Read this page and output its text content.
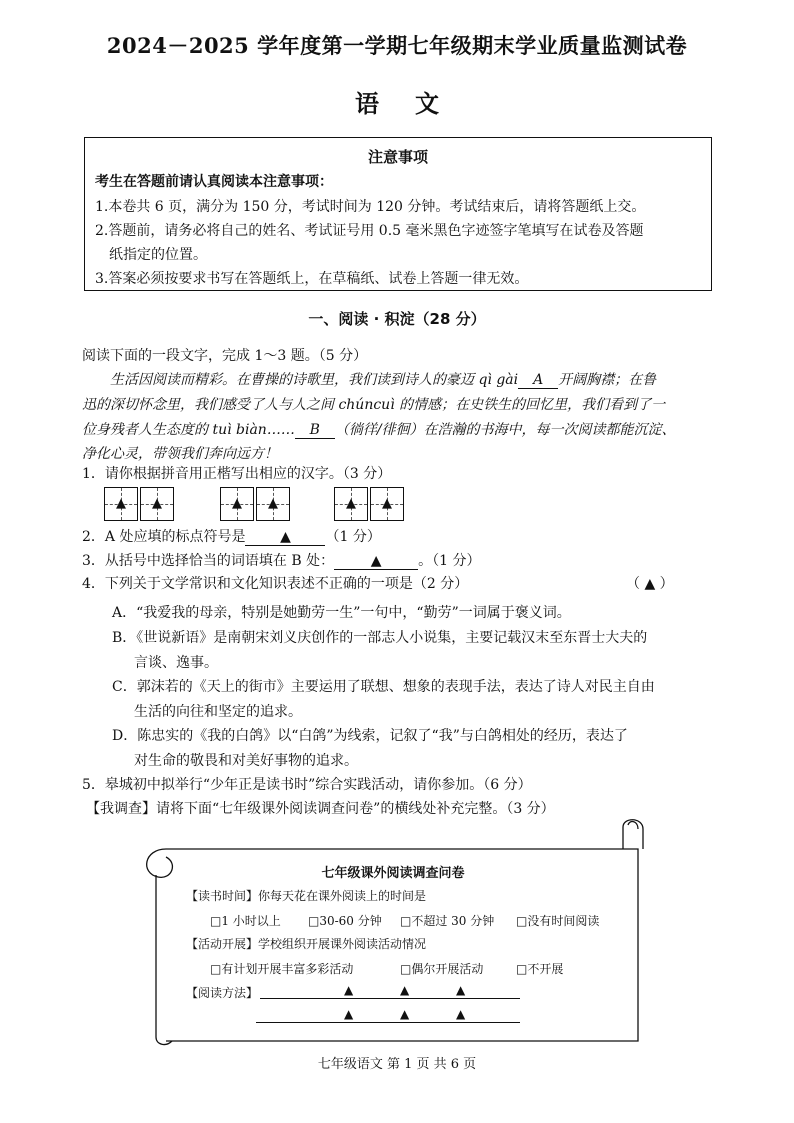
2024－2025 学年度第一学期七年级期末学业质量监测试卷
语文
注意事项
考生在答题前请认真阅读本注意事项：
1.本卷共 6 页，满分为 150 分，考试时间为 120 分钟。考试结束后，请将答题纸上交。
2.答题前，请务必将自己的姓名、考试证号用 0.5 毫米黑色字迹签字笔填写在试卷及答题
纸指定的位置。
3.答案必须按要求书写在答题纸上，在草稿纸、试卷上答题一律无效。
一、阅读 · 积淀（28 分）
阅读下面的一段文字，完成 1～3 题。（5 分）
生活因阅读而精彩。在曹操的诗歌里，我们读到诗人的豪迈 qì gài A 开阔胸襟；在鲁
迅的深切怀念里，我们感受了人与人之间 chúncuì 的情感；在史铁生的回忆里，我们看到了一
位身残者人生态度的 tuì biàn…… B （徜徉/徘徊）在浩瀚的书海中，每一次阅读都能沉淀、
净化心灵，带领我们奔向远方！
1．请你根据拼音用正楷写出相应的汉字。（3 分）
▲	▲	▲	▲	▲	▲
2．A 处应填的标点符号是 ▲ （1 分）
3．从括号中选择恰当的词语填在 B 处：	▲	。（1 分）
4．下列关于文学常识和文化知识表述不正确的一项是（2 分）	（ ▲ ）
A．“我爱我的母亲，特别是她勤劳一生”一句中，“勤劳”一词属于褒义词。
B．《世说新语》是南朝宋刘义庆创作的一部志人小说集，主要记载汉末至东晋士大夫的
言谈、逸事。
C．郭沫若的《天上的街市》主要运用了联想、想象的表现手法，表达了诗人对民主自由
生活的向往和坚定的追求。
D．陈忠实的《我的白鸽》以“白鸽”为线索，记叙了“我”与白鸽相处的经历，表达了
对生命的敬畏和对美好事物的追求。
5．皋城初中拟举行“少年正是读书时”综合实践活动，请你参加。（6 分）
【我调查】请将下面“七年级课外阅读调查问卷”的横线处补充完整。（3 分）
七年级课外阅读调查问卷
【读书时间】你每天花在课外阅读上的时间是
□1 小时以上 □30-60 分钟 □不超过 30 分钟 □没有时间阅读
【活动开展】学校组织开展课外阅读活动情况
□有计划开展丰富多彩活动	□偶尔开展活动	□不开展
【阅读方法】	▲	▲	▲
▲	▲	▲
七年级语文 第 1 页 共 6 页
